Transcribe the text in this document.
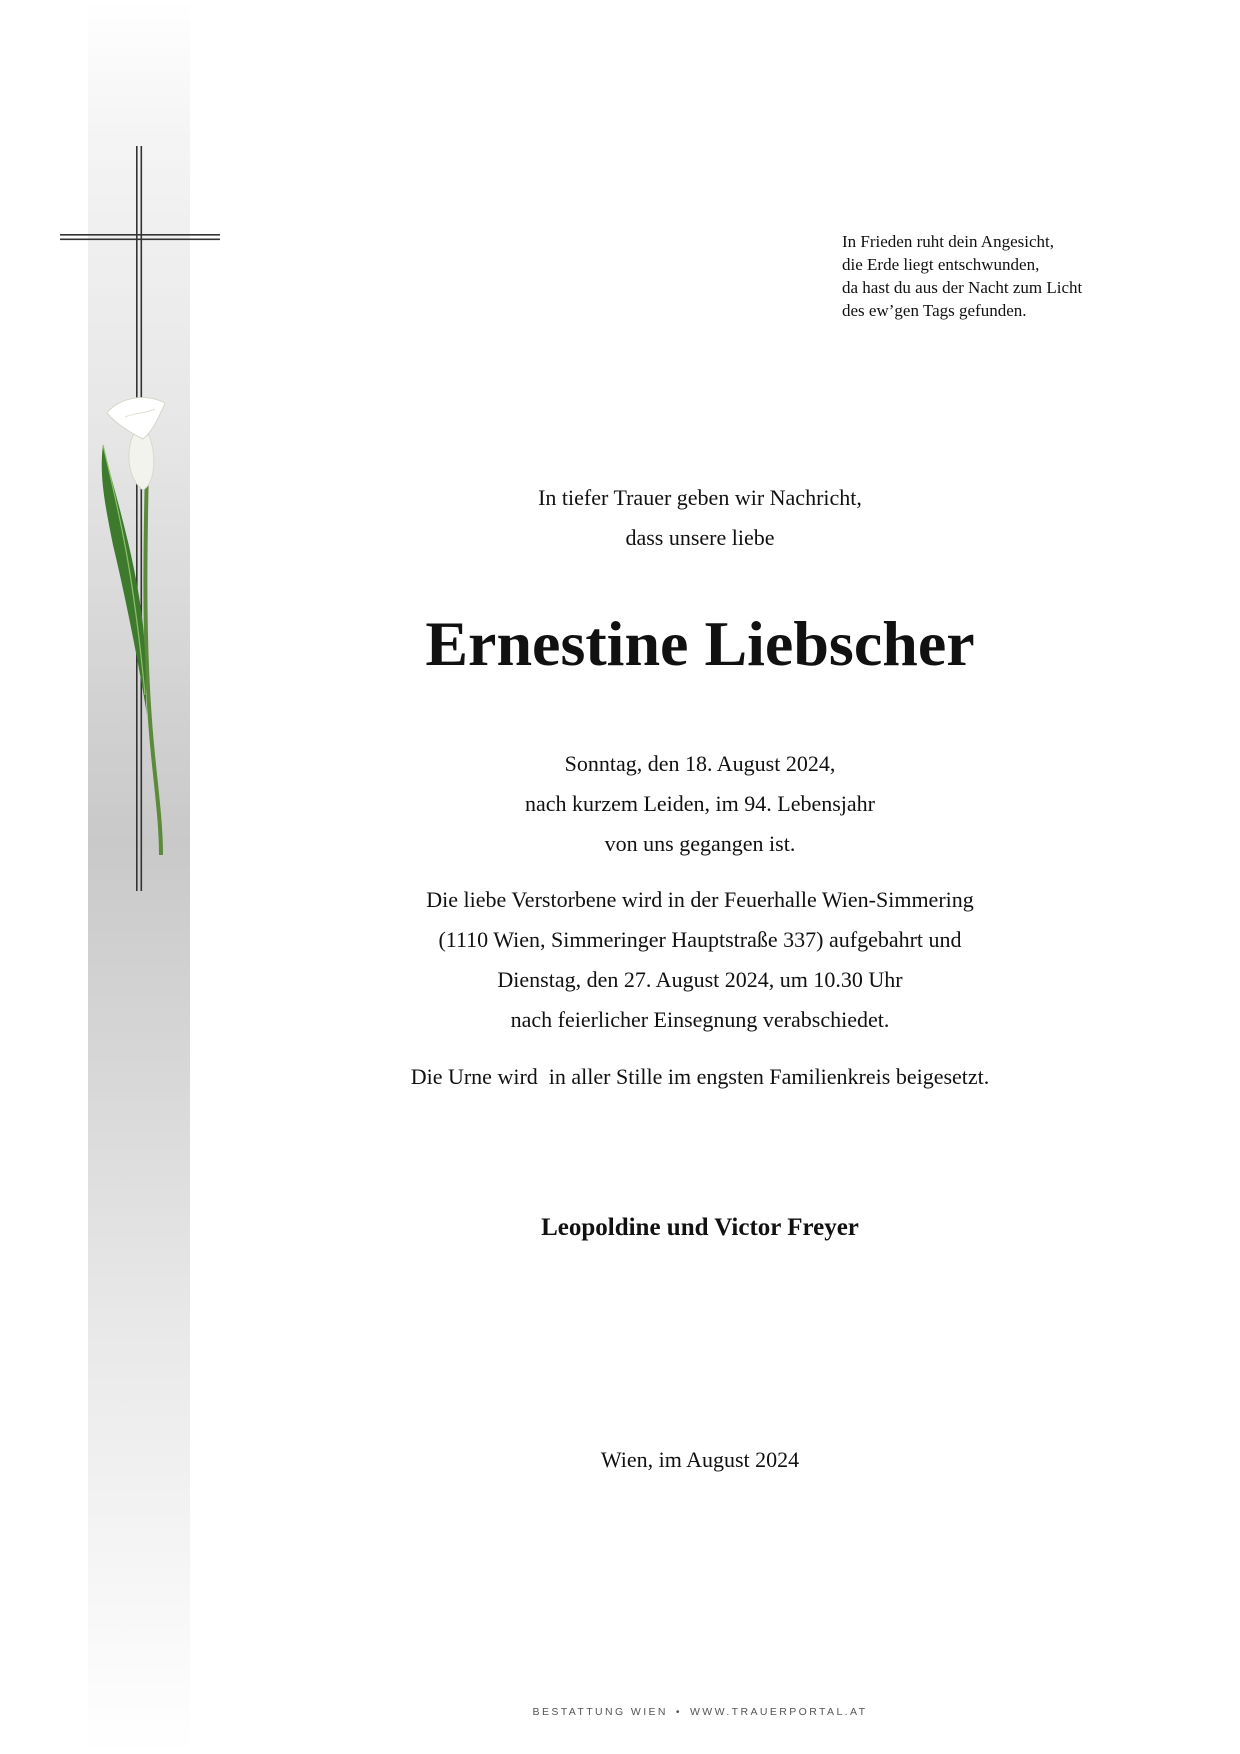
In Frieden ruht dein Angesicht,
die Erde liegt entschwunden,
da hast du aus der Nacht zum Licht
des ew’gen Tags gefunden.
In tiefer Trauer geben wir Nachricht,
dass unsere liebe
Ernestine Liebscher
Sonntag, den 18. August 2024,
nach kurzem Leiden, im 94. Lebensjahr
von uns gegangen ist.
Die liebe Verstorbene wird in der Feuerhalle Wien-Simmering
(1110 Wien, Simmeringer Hauptstraße 337) aufgebahrt und
Dienstag, den 27. August 2024, um 10.30 Uhr
nach feierlicher Einsegnung verabschiedet.
Die Urne wird  in aller Stille im engsten Familienkreis beigesetzt.
Leopoldine und Victor Freyer
Wien, im August 2024
BESTATTUNG WIEN • WWW.TRAUERPORTAL.AT
